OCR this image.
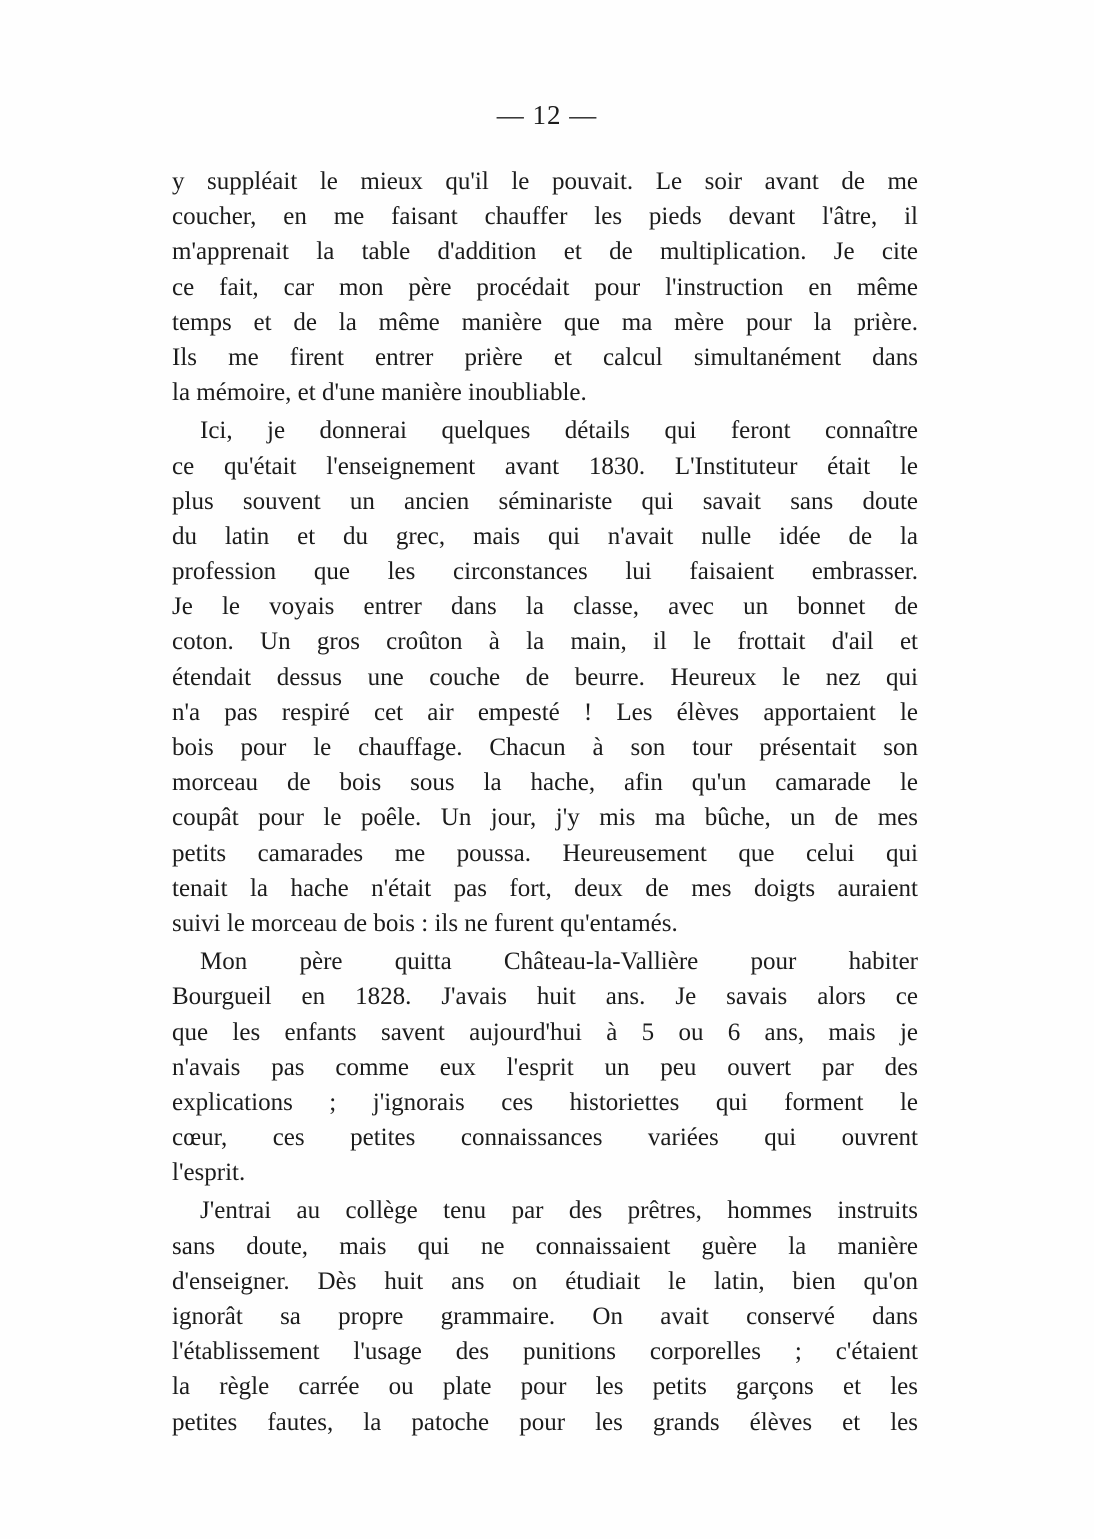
— 12 —

y suppléait le mieux qu'il le pouvait. Le soir avant de me
coucher, en me faisant chauffer les pieds devant l'âtre, il
m'apprenait la table d'addition et de multiplication. Je cite
ce fait, car mon père procédait pour l'instruction en même
temps et de la même manière que ma mère pour la prière.
Ils me firent entrer prière et calcul simultanément dans
la mémoire, et d'une manière inoubliable.

Ici, je donnerai quelques détails qui feront connaître
ce qu'était l'enseignement avant 1830. L'Instituteur était le
plus souvent un ancien séminariste qui savait sans doute
du latin et du grec, mais qui n'avait nulle idée de la
profession que les circonstances lui faisaient embrasser.
Je le voyais entrer dans la classe, avec un bonnet de
coton. Un gros croûton à la main, il le frottait d'ail et
étendait dessus une couche de beurre. Heureux le nez qui
n'a pas respiré cet air empesté ! Les élèves apportaient le
bois pour le chauffage. Chacun à son tour présentait son
morceau de bois sous la hache, afin qu'un camarade le
coupât pour le poêle. Un jour, j'y mis ma bûche, un de mes
petits camarades me poussa. Heureusement que celui qui
tenait la hache n'était pas fort, deux de mes doigts auraient
suivi le morceau de bois : ils ne furent qu'entamés.

Mon père quitta Château-la-Vallière pour habiter
Bourgueil en 1828. J'avais huit ans. Je savais alors ce
que les enfants savent aujourd'hui à 5 ou 6 ans, mais je
n'avais pas comme eux l'esprit un peu ouvert par des
explications ; j'ignorais ces historiettes qui forment le
cœur, ces petites connaissances variées qui ouvrent
l'esprit.

J'entrai au collège tenu par des prêtres, hommes instruits
sans doute, mais qui ne connaissaient guère la manière
d'enseigner. Dès huit ans on étudiait le latin, bien qu'on
ignorât sa propre grammaire. On avait conservé dans
l'établissement l'usage des punitions corporelles ; c'étaient
la règle carrée ou plate pour les petits garçons et les
petites fautes, la patoche pour les grands élèves et les
